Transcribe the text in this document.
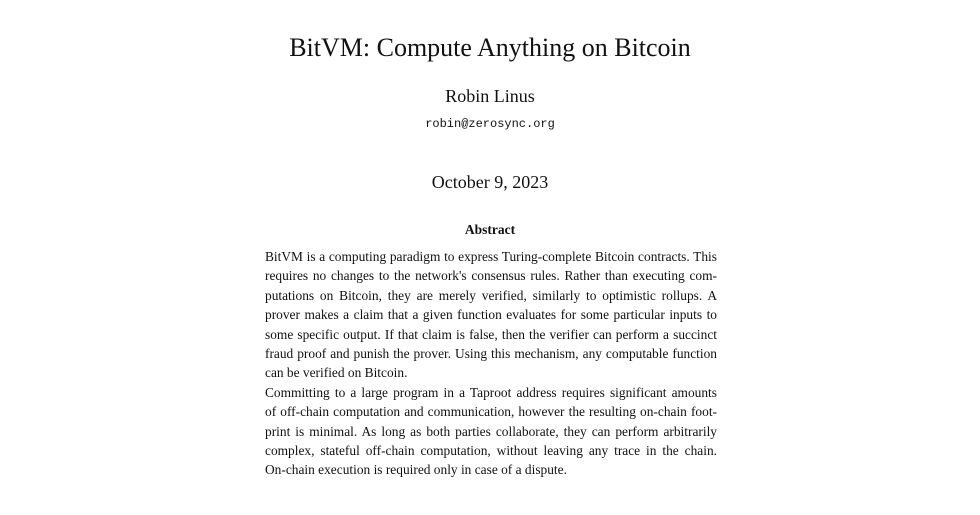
BitVM: Compute Anything on Bitcoin
Robin Linus
robin@zerosync.org
October 9, 2023
Abstract
BitVM is a computing paradigm to express Turing-complete Bitcoin contracts. This
requires no changes to the network's consensus rules. Rather than executing com-
putations on Bitcoin, they are merely verified, similarly to optimistic rollups. A
prover makes a claim that a given function evaluates for some particular inputs to
some specific output. If that claim is false, then the verifier can perform a succinct
fraud proof and punish the prover. Using this mechanism, any computable function
can be verified on Bitcoin.
Committing to a large program in a Taproot address requires significant amounts
of off-chain computation and communication, however the resulting on-chain foot-
print is minimal. As long as both parties collaborate, they can perform arbitrarily
complex, stateful off-chain computation, without leaving any trace in the chain.
On-chain execution is required only in case of a dispute.
